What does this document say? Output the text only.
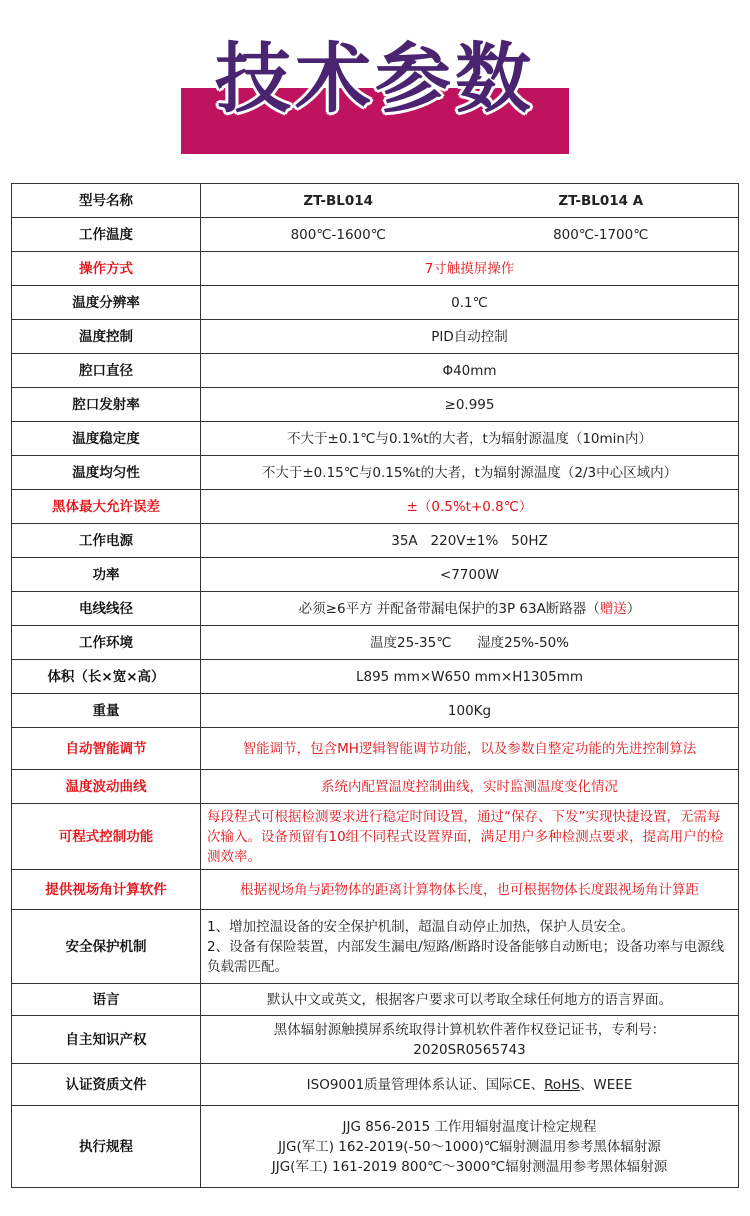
技术参数
型号名称	ZT-BL014 ZT-BL014 A

工作温度	800℃-1600℃ 800℃-1700℃

操作方式	7寸触摸屏操作
温度分辨率	0.1℃
温度控制	PID自动控制
腔口直径	Φ40mm
腔口发射率	≥0.995
温度稳定度	不大于±0.1℃与0.1%t的大者，t为辐射源温度（10min内）
温度均匀性	不大于±0.15℃与0.15%t的大者，t为辐射源温度（2/3中心区域内）
黑体最大允许误差	±（0.5%t+0.8℃）
工作电源	35A   220V±1%   50HZ
功率	<7700W
电线线径	必须≥6平方 并配备带漏电保护的3P 63A断路器（赠送）
工作环境	温度25-35℃      湿度25%-50%
体积（长×宽×高）	L895 mm×W650 mm×H1305mm
重量	100Kg
自动智能调节	智能调节，包含MH逻辑智能调节功能，以及参数自整定功能的先进控制算法
温度波动曲线	系统内配置温度控制曲线，实时监测温度变化情况
可程式控制功能	每段程式可根据检测要求进行稳定时间设置，通过“保存、下发”实现快捷设置，无需每次输入。设备预留有10组不同程式设置界面，满足用户多种检测点要求，提高用户的检测效率。
提供视场角计算软件	根据视场角与距物体的距离计算物体长度，也可根据物体长度跟视场角计算距
安全保护机制	1、增加控温设备的安全保护机制，超温自动停止加热，保护人员安全。
2、设备有保险装置，内部发生漏电/短路/断路时设备能够自动断电；设备功率与电源线负载需匹配。

语言	默认中文或英文，根据客户要求可以考取全球任何地方的语言界面。
自主知识产权	黑体辐射源触摸屏系统取得计算机软件著作权登记证书，专利号：
2020SR0565743

认证资质文件	ISO9001质量管理体系认证、国际CE、RoHS、WEEE
执行规程	JJG 856-2015 工作用辐射温度计检定规程
JJG(军工) 162-2019(-50～1000)℃辐射测温用参考黑体辐射源
JJG(军工) 161-2019 800℃～3000℃辐射测温用参考黑体辐射源
